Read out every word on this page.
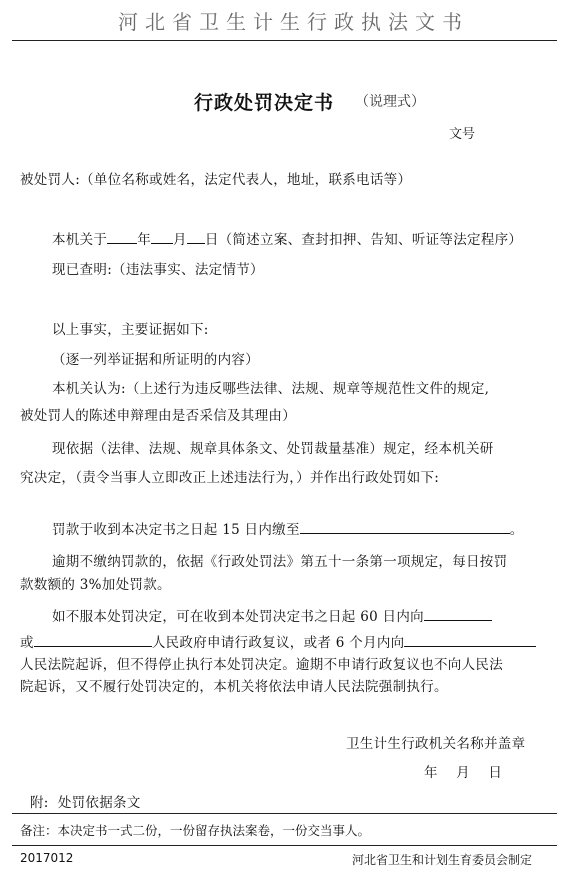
河北省卫生计生行政执法文书
行政处罚决定书 （说理式）
文号
被处罚人:（单位名称或姓名，法定代表人，地址，联系电话等）
本机关于 年 月 日（简述立案、查封扣押、告知、听证等法定程序）
现已查明:（违法事实、法定情节）
以上事实，主要证据如下:
（逐一列举证据和所证明的内容）
本机关认为:（上述行为违反哪些法律、法规、规章等规范性文件的规定,
被处罚人的陈述申辩理由是否采信及其理由）
现依据（法律、法规、规章具体条文、处罚裁量基准）规定，经本机关研
究决定，（责令当事人立即改正上述违法行为，）并作出行政处罚如下:
罚款于收到本决定书之日起 15 日内缴至	。
逾期不缴纳罚款的，依据《行政处罚法》第五十一条第一项规定，每日按罚
款数额的 3%加处罚款。
如不服本处罚决定，可在收到本处罚决定书之日起 60 日内向
或	人民政府申请行政复议，或者 6 个月内向
人民法院起诉，但不得停止执行本处罚决定。逾期不申请行政复议也不向人民法
院起诉，又不履行处罚决定的，本机关将依法申请人民法院强制执行。
卫生计生行政机关名称并盖章
年    月    日
附:  处罚依据条文
备注：本决定书一式二份，一份留存执法案卷，一份交当事人。
2017012	河北省卫生和计划生育委员会制定
